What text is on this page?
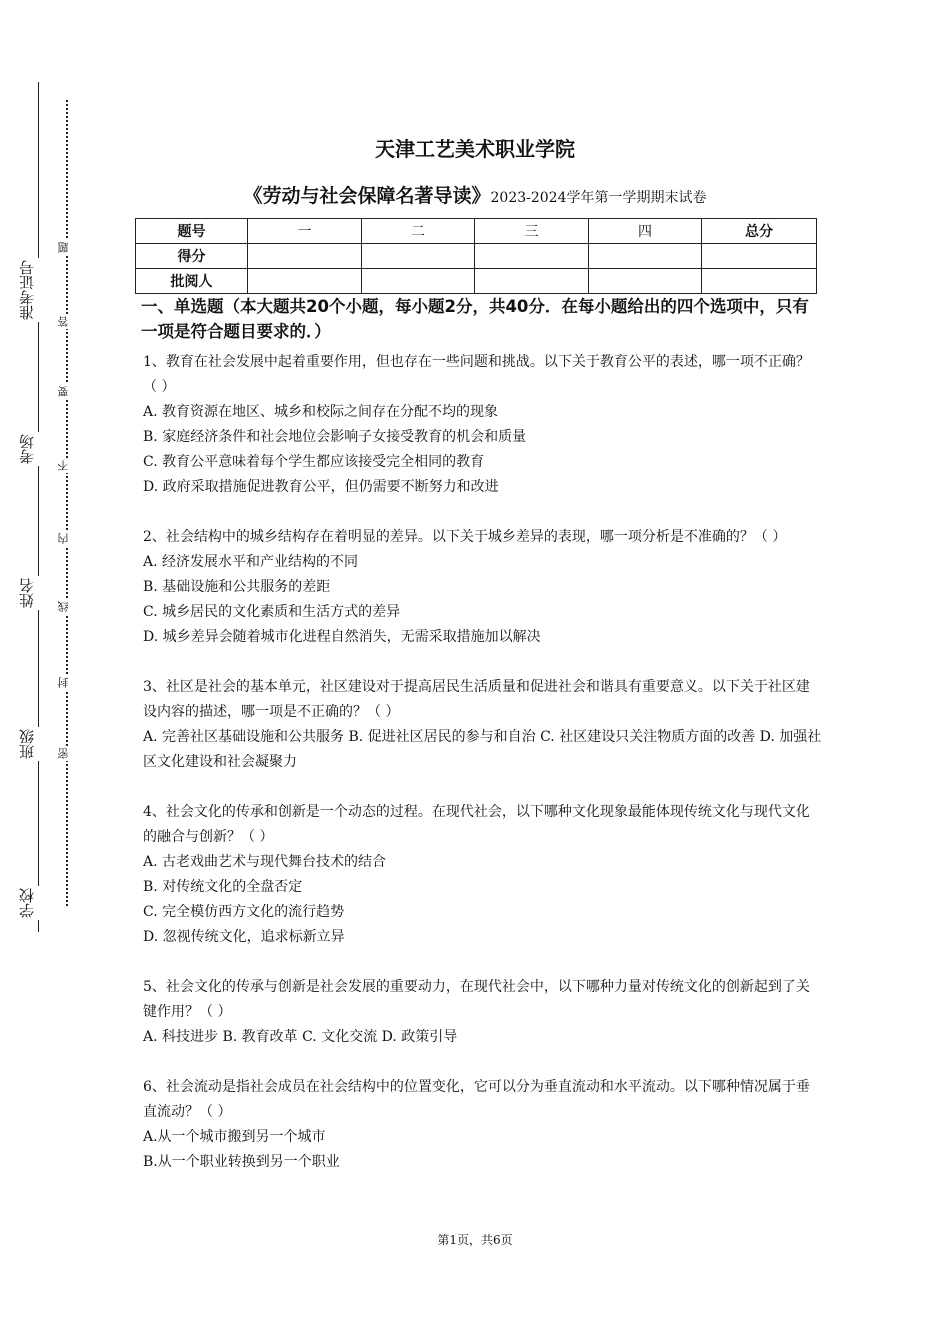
学校
班级
姓名
考场
准考证号
密
封
线
内
不
要
答
题
天津工艺美术职业学院
《劳动与社会保障名著导读》2023-2024学年第一学期期末试卷
题号	一	二	三	四	总分
得分					
批阅人					
一、单选题（本大题共20个小题，每小题2分，共40分．在每小题给出的四个选项中，只有一项是符合题目要求的．）

1、教育在社会发展中起着重要作用，但也存在一些问题和挑战。以下关于教育公平的表述，哪一项不正确？（ ）

A. 教育资源在地区、城乡和校际之间存在分配不均的现象

B. 家庭经济条件和社会地位会影响子女接受教育的机会和质量

C. 教育公平意味着每个学生都应该接受完全相同的教育

D. 政府采取措施促进教育公平，但仍需要不断努力和改进

2、社会结构中的城乡结构存在着明显的差异。以下关于城乡差异的表现，哪一项分析是不准确的？（ ）

A. 经济发展水平和产业结构的不同

B. 基础设施和公共服务的差距

C. 城乡居民的文化素质和生活方式的差异

D. 城乡差异会随着城市化进程自然消失，无需采取措施加以解决

3、社区是社会的基本单元，社区建设对于提高居民生活质量和促进社会和谐具有重要意义。以下关于社区建设内容的描述，哪一项是不正确的？（ ）

A. 完善社区基础设施和公共服务 B. 促进社区居民的参与和自治 C. 社区建设只关注物质方面的改善 D. 加强社区文化建设和社会凝聚力

4、社会文化的传承和创新是一个动态的过程。在现代社会，以下哪种文化现象最能体现传统文化与现代文化的融合与创新？（ ）

A. 古老戏曲艺术与现代舞台技术的结合

B. 对传统文化的全盘否定

C. 完全模仿西方文化的流行趋势

D. 忽视传统文化，追求标新立异

5、社会文化的传承与创新是社会发展的重要动力，在现代社会中，以下哪种力量对传统文化的创新起到了关键作用？（ ）

A. 科技进步 B. 教育改革 C. 文化交流 D. 政策引导

6、社会流动是指社会成员在社会结构中的位置变化，它可以分为垂直流动和水平流动。以下哪种情况属于垂直流动？（ ）

A.从一个城市搬到另一个城市

B.从一个职业转换到另一个职业

第1页，共6页
